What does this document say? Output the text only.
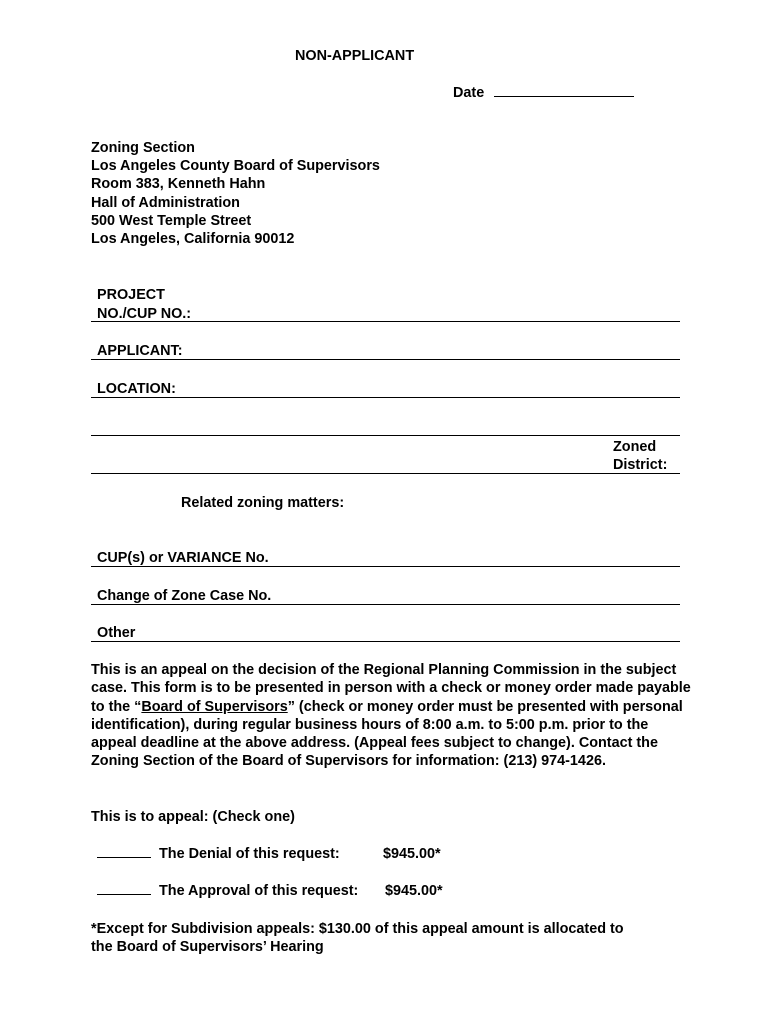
NON-APPLICANT
Date
Zoning Section
Los Angeles County Board of Supervisors
Room 383, Kenneth Hahn
Hall of Administration
500 West Temple Street
Los Angeles, California 90012
PROJECT
NO./CUP NO.:
APPLICANT:
LOCATION:
Zoned
District:
Related zoning matters:
CUP(s) or VARIANCE No.
Change of Zone Case No.
Other
This is an appeal on the decision of the Regional Planning Commission in the subject case. This form is to be presented in person with a check or money order made payable to the “Board of Supervisors” (check or money order must be presented with personal identification), during regular business hours of 8:00 a.m. to 5:00 p.m. prior to the appeal deadline at the above address. (Appeal fees subject to change). Contact the Zoning Section of the Board of Supervisors for information: (213) 974-1426.
This is to appeal: (Check one)
The Denial of this request:	$945.00*
The Approval of this request: $945.00*
*Except for Subdivision appeals: $130.00 of this appeal amount is allocated to
the Board of Supervisors’ Hearing
